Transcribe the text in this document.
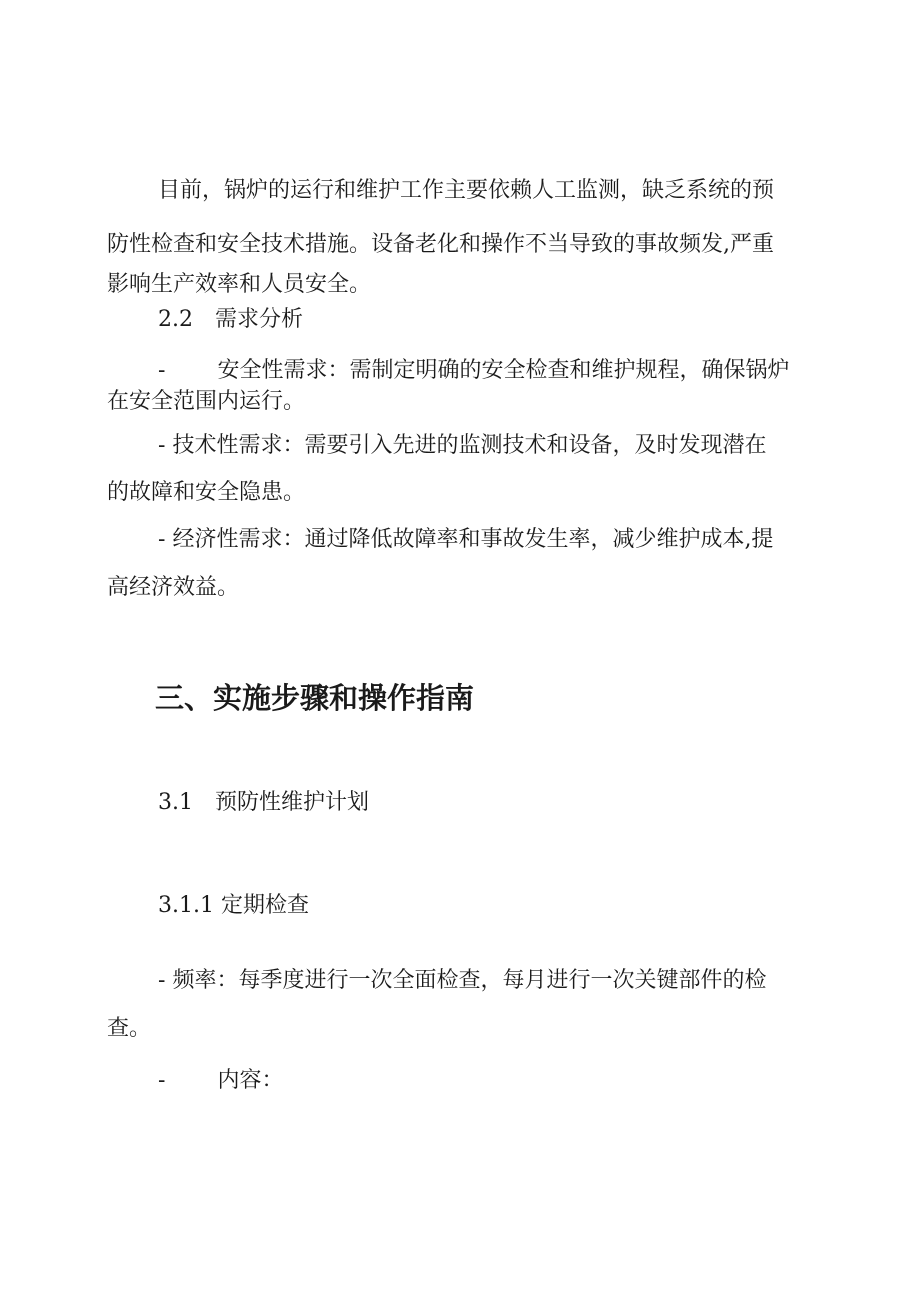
目前，锅炉的运行和维护工作主要依赖人工监测，缺乏系统的预
防性检查和安全技术措施。设备老化和操作不当导致的事故频发,严重
影响生产效率和人员安全。
2.2 需求分析
- 安全性需求：需制定明确的安全检查和维护规程，确保锅炉
在安全范围内运行。
- 技术性需求：需要引入先进的监测技术和设备，及时发现潜在
的故障和安全隐患。
- 经济性需求：通过降低故障率和事故发生率，减少维护成本,提
高经济效益。
三、实施步骤和操作指南
3.1 预防性维护计划
3.1.1 定期检查
- 频率：每季度进行一次全面检查，每月进行一次关键部件的检
查。
- 内容：
